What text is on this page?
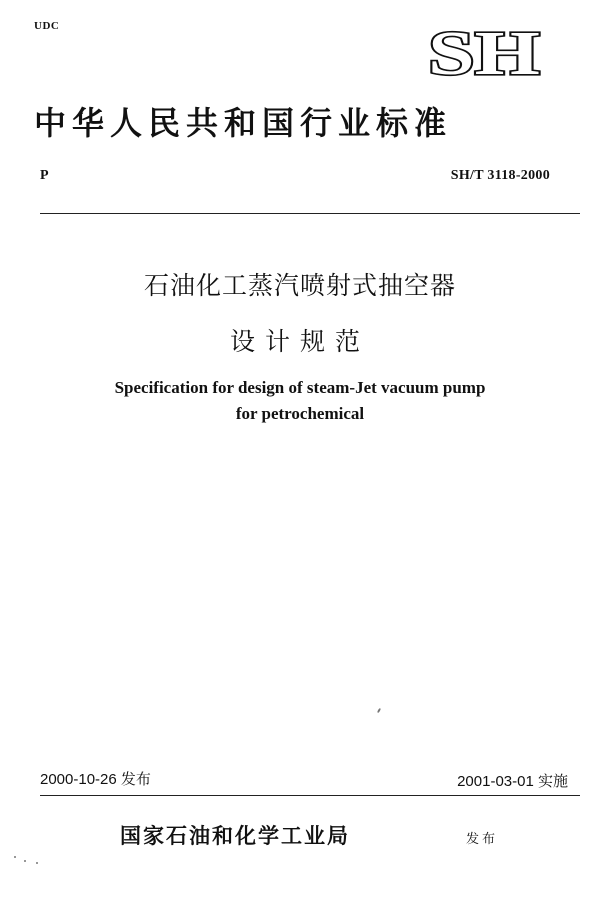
UDC	SH
中华人民共和国行业标准
P	SH/T 3118-2000
石油化工蒸汽喷射式抽空器
设计规范
Specification for design of steam-Jet vacuum pump
for petrochemical
2000-10-26 发布	2001-03-01 实施
国家石油和化学工业局	发布
